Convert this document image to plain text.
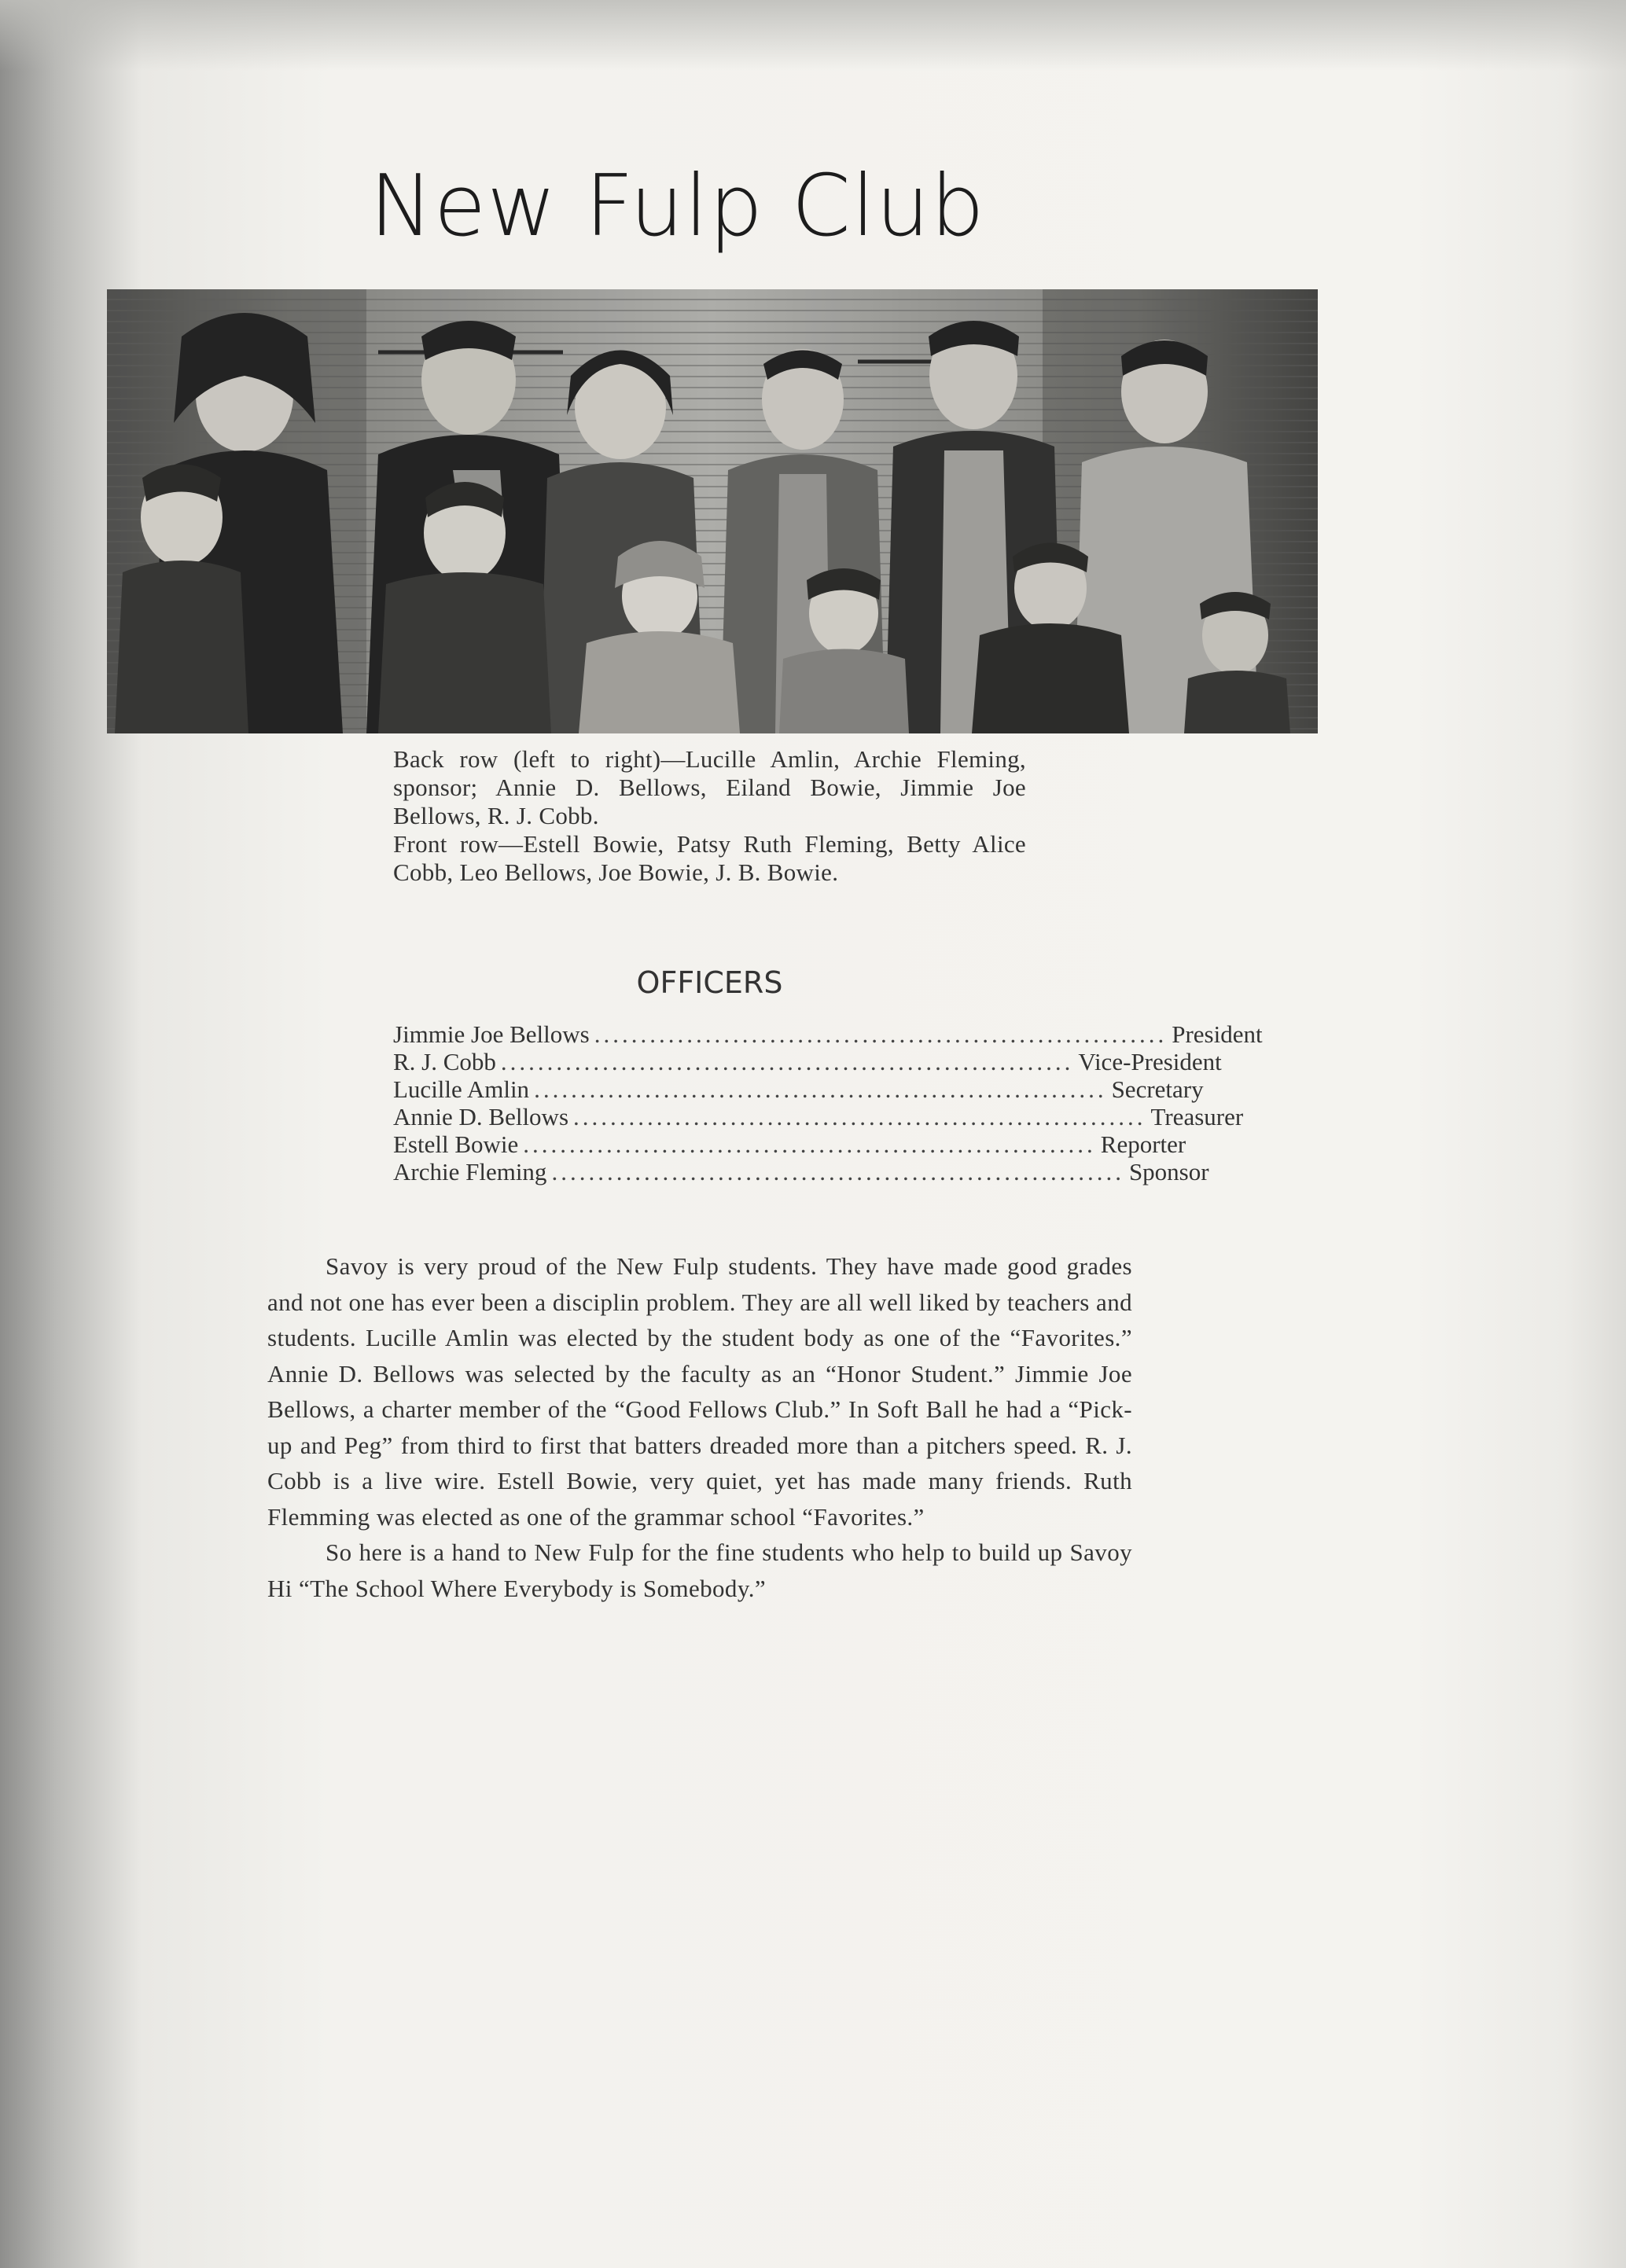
New Fulp Club

Back row (left to right)—Lucille Amlin, Archie Fleming, sponsor; Annie D. Bellows, Eiland Bowie, Jimmie Joe Bellows, R. J. Cobb.

Front row—Estell Bowie, Patsy Ruth Fleming, Betty Alice Cobb, Leo Bellows, Joe Bowie, J. B. Bowie.

OFFICERS
Jimmie Joe Bellows .............................................................. President
R. J. Cobb .............................................................. Vice-President
Lucille Amlin .............................................................. Secretary
Annie D. Bellows .............................................................. Treasurer
Estell Bowie .............................................................. Reporter
Archie Fleming .............................................................. Sponsor

Savoy is very proud of the New Fulp students. They have made good grades and not one has ever been a disciplin problem. They are all well liked by teachers and students. Lucille Amlin was elected by the student body as one of the “Favorites.” Annie D. Bellows was selected by the faculty as an “Honor Student.” Jimmie Joe Bellows, a charter member of the “Good Fellows Club.” In Soft Ball he had a “Pick-up and Peg” from third to first that batters dreaded more than a pitchers speed. R. J. Cobb is a live wire. Estell Bowie, very quiet, yet has made many friends. Ruth Flemming was elected as one of the grammar school “Favorites.”

So here is a hand to New Fulp for the fine students who help to build up Savoy Hi “The School Where Everybody is Somebody.”
